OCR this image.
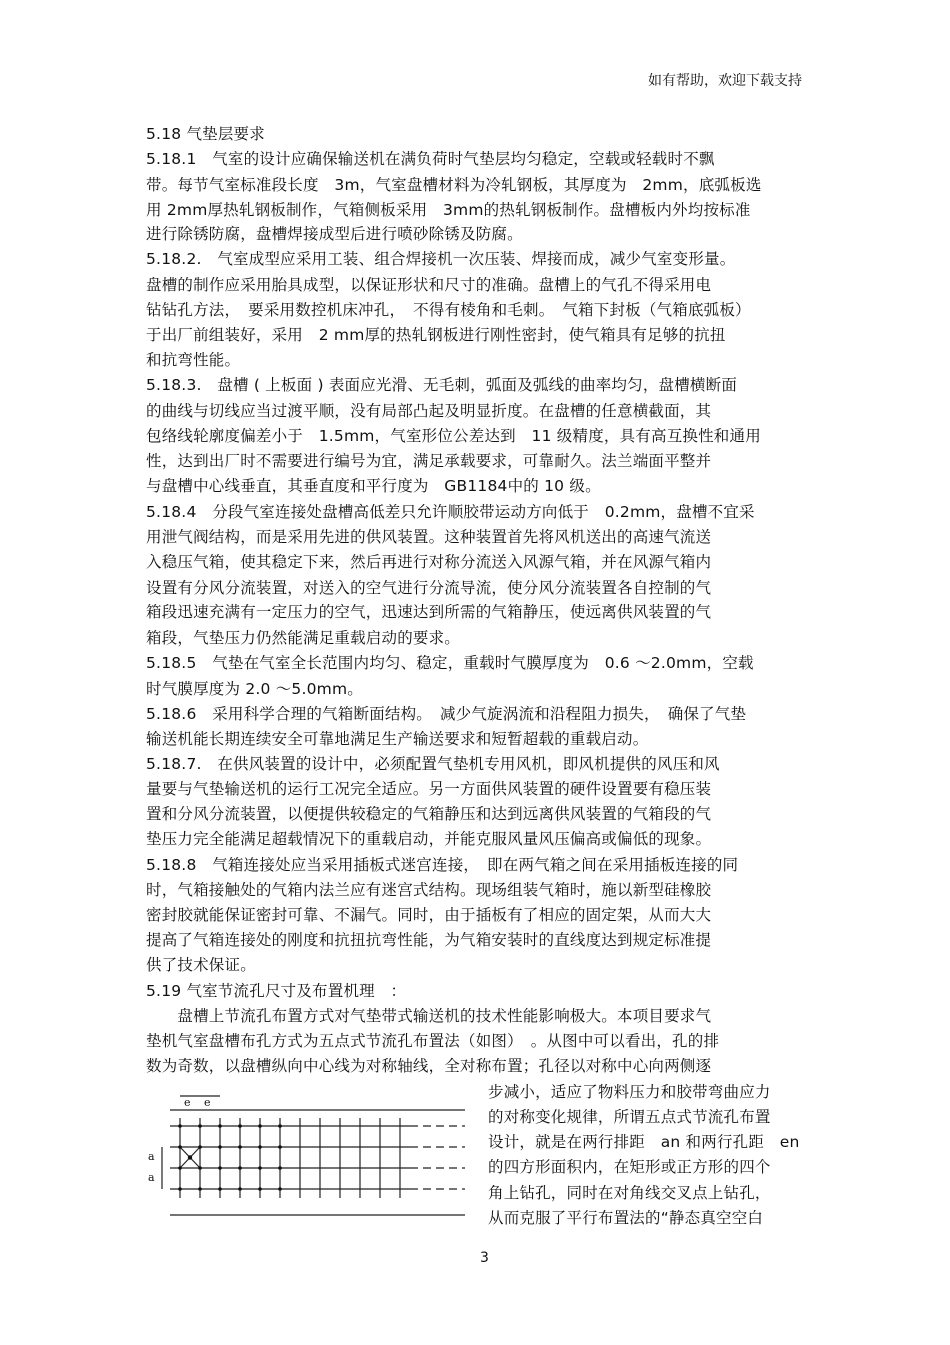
如有帮助，欢迎下载支持
5.18 气垫层要求
5.18.1　气室的设计应确保输送机在满负荷时气垫层均匀稳定，空载或轻载时不飘
带。每节气室标准段长度　3m，气室盘槽材料为冷轧钢板，其厚度为　2mm，底弧板选
用 2mm厚热轧钢板制作，气箱侧板采用　3mm的热轧钢板制作。盘槽板内外均按标准
进行除锈防腐，盘槽焊接成型后进行喷砂除锈及防腐。
5.18.2.　气室成型应采用工装、组合焊接机一次压装、焊接而成，减少气室变形量。
盘槽的制作应采用胎具成型，以保证形状和尺寸的准确。盘槽上的气孔不得采用电
钻钻孔方法，　要采用数控机床冲孔，　不得有棱角和毛刺。　气箱下封板（气箱底弧板）
于出厂前组装好，采用　2 mm厚的热轧钢板进行刚性密封，使气箱具有足够的抗扭
和抗弯性能。
5.18.3.　盘槽 ( 上板面 ) 表面应光滑、无毛刺，弧面及弧线的曲率均匀，盘槽横断面
的曲线与切线应当过渡平顺，没有局部凸起及明显折度。在盘槽的任意横截面，其
包络线轮廓度偏差小于　1.5mm，气室形位公差达到　11 级精度，具有高互换性和通用
性，达到出厂时不需要进行编号为宜，满足承载要求，可靠耐久。法兰端面平整并
与盘槽中心线垂直，其垂直度和平行度为　GB1184中的 10 级。
5.18.4　分段气室连接处盘槽高低差只允许顺胶带运动方向低于　0.2mm，盘槽不宜采
用泄气阀结构，而是采用先进的供风装置。这种装置首先将风机送出的高速气流送
入稳压气箱，使其稳定下来，然后再进行对称分流送入风源气箱，并在风源气箱内
设置有分风分流装置，对送入的空气进行分流导流，使分风分流装置各自控制的气
箱段迅速充满有一定压力的空气，迅速达到所需的气箱静压，使远离供风装置的气
箱段，气垫压力仍然能满足重载启动的要求。
5.18.5　气垫在气室全长范围内均匀、稳定，重载时气膜厚度为　0.6 ～2.0mm，空载
时气膜厚度为 2.0 ～5.0mm。
5.18.6　采用科学合理的气箱断面结构。　减少气旋涡流和沿程阻力损失，　确保了气垫
输送机能长期连续安全可靠地满足生产输送要求和短暂超载的重载启动。
5.18.7.　在供风装置的设计中，必须配置气垫机专用风机，即风机提供的风压和风
量要与气垫输送机的运行工况完全适应。另一方面供风装置的硬件设置要有稳压装
置和分风分流装置，以便提供较稳定的气箱静压和达到远离供风装置的气箱段的气
垫压力完全能满足超载情况下的重载启动，并能克服风量风压偏高或偏低的现象。
5.18.8　气箱连接处应当采用插板式迷宫连接，　即在两气箱之间在采用插板连接的同
时，气箱接触处的气箱内法兰应有迷宫式结构。现场组装气箱时，施以新型硅橡胶
密封胶就能保证密封可靠、不漏气。同时，由于插板有了相应的固定架，从而大大
提高了气箱连接处的刚度和抗扭抗弯性能，为气箱安装时的直线度达到规定标准提
供了技术保证。
5.19 气室节流孔尺寸及布置机理　：
　　盘槽上节流孔布置方式对气垫带式输送机的技术性能影响极大。本项目要求气
垫机气室盘槽布孔方式为五点式节流孔布置法（如图）　。从图中可以看出，孔的排
数为奇数，以盘槽纵向中心线为对称轴线，全对称布置；孔径以对称中心向两侧逐
步减小，适应了物料压力和胶带弯曲应力
的对称变化规律，所谓五点式节流孔布置
设计，就是在两行排距　an 和两行孔距　en
的四方形面积内，在矩形或正方形的四个
角上钻孔，同时在对角线交叉点上钻孔，
从而克服了平行布置法的“静态真空空白
e e
a
a
3
